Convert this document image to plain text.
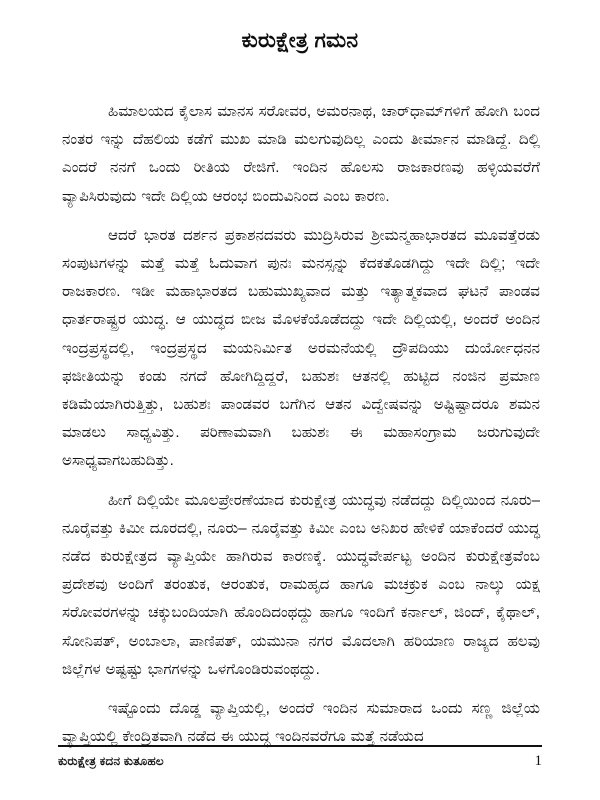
ಕುರುಕ್ಷೇತ್ರ ಗಮನ

ಹಿಮಾಲಯದ ಕೈಲಾಸ ಮಾನಸ ಸರೋವರ, ಅಮರನಾಥ, ಚಾರ್‌ಧಾಮ್‌ಗಳಿಗೆ ಹೋಗಿ ಬಂದ ನಂತರ ಇನ್ನು ದೆಹಲಿಯ ಕಡೆಗೆ ಮುಖ ಮಾಡಿ ಮಲಗುವುದಿಲ್ಲ ಎಂದು ತೀರ್ಮಾನ ಮಾಡಿದ್ದೆ. ದಿಲ್ಲಿ ಎಂದರೆ ನನಗೆ ಒಂದು ರೀತಿಯ ರೇಜಿಗೆ. ಇಂದಿನ ಹೊಲಸು ರಾಜಕಾರಣವು ಹಳ್ಳಿಯವರೆಗೆ ವ್ಯಾಪಿಸಿರುವುದು ಇದೇ ದಿಲ್ಲಿಯ ಆರಂಭ ಬಿಂದುವಿನಿಂದ ಎಂಬ ಕಾರಣ.

ಆದರೆ ಭಾರತ ದರ್ಶನ ಪ್ರಕಾಶನದವರು ಮುದ್ರಿಸಿರುವ ಶ್ರೀಮನ್ಮಹಾಭಾರತದ ಮೂವತ್ತೆರಡು ಸಂಪುಟಗಳನ್ನು ಮತ್ತೆ ಮತ್ತೆ ಓದುವಾಗ ಪುನಃ ಮನಸ್ಸನ್ನು ಕೆದಕತೊಡಗಿದ್ದು ಇದೇ ದಿಲ್ಲಿ; ಇದೇ ರಾಜಕಾರಣ. ಇಡೀ ಮಹಾಭಾರತದ ಬಹುಮುಖ್ಯವಾದ ಮತ್ತು ಇತ್ಯಾತ್ಮಕವಾದ ಘಟನೆ ಪಾಂಡವ ಧಾರ್ತರಾಷ್ಟ್ರರ ಯುದ್ಧ. ಆ ಯುದ್ಧದ ಬೀಜ ಮೊಳಕೆಯೊಡೆದದ್ದು ಇದೇ ದಿಲ್ಲಿಯಲ್ಲಿ, ಅಂದರೆ ಅಂದಿನ ಇಂದ್ರಪ್ರಸ್ಥದಲ್ಲಿ, ಇಂದ್ರಪ್ರಸ್ಥದ ಮಯನಿರ್ಮಿತ ಅರಮನೆಯಲ್ಲಿ ದ್ರೌಪದಿಯು ದುರ್ಯೋಧನನ ಫಜೀತಿಯನ್ನು ಕಂಡು ನಗದೆ ಹೋಗಿದ್ದಿದ್ದರೆ, ಬಹುಶಃ ಆತನಲ್ಲಿ ಹುಟ್ಟಿದ ನಂಜಿನ ಪ್ರಮಾಣ ಕಡಿಮೆಯಾಗಿರುತ್ತಿತ್ತು, ಬಹುಶಃ ಪಾಂಡವರ ಬಗೆಗಿನ ಆತನ ವಿದ್ವೇಷವನ್ನು ಅಷ್ಟಿಷ್ಟಾದರೂ ಶಮನ ಮಾಡಲು ಸಾಧ್ಯವಿತ್ತು. ಪರಿಣಾಮವಾಗಿ ಬಹುಶಃ ಈ ಮಹಾಸಂಗ್ರಾಮ ಜರುಗುವುದೇ ಅಸಾಧ್ಯವಾಗಬಹುದಿತ್ತು.

ಹೀಗೆ ದಿಲ್ಲಿಯೇ ಮೂಲಪ್ರೇರಣೆಯಾದ ಕುರುಕ್ಷೇತ್ರ ಯುದ್ಧವು ನಡೆದದ್ದು ದಿಲ್ಲಿಯಿಂದ ನೂರು– ನೂರೈವತ್ತು ಕಿಮೀ ದೂರದಲ್ಲಿ, ನೂರು– ನೂರೈವತ್ತು ಕಿಮೀ ಎಂಬ ಅನಿಖರ ಹೇಳಿಕೆ ಯಾಕೆಂದರೆ ಯುದ್ಧ ನಡೆದ ಕುರುಕ್ಷೇತ್ರದ ವ್ಯಾಪ್ತಿಯೇ ಹಾಗಿರುವ ಕಾರಣಕ್ಕೆ. ಯುದ್ಧವೇರ್ಪಟ್ಟ ಅಂದಿನ ಕುರುಕ್ಷೇತ್ರವೆಂಬ ಪ್ರದೇಶವು ಅಂದಿಗೆ ತರಂತುಕ, ಆರಂತುಕ, ರಾಮಹೃದ ಹಾಗೂ ಮಚಕ್ರುಕ ಎಂಬ ನಾಲ್ಕು ಯಕ್ಷ ಸರೋವರಗಳನ್ನು ಚಕ್ಕುಬಂದಿಯಾಗಿ ಹೊಂದಿದಂಥದ್ದು ಹಾಗೂ ಇಂದಿಗೆ ಕರ್ನಾಲ್, ಜಿಂದ್, ಕೈಥಾಲ್, ಸೋನಿಪತ್, ಅಂಬಾಲಾ, ಪಾಣಿಪತ್, ಯಮುನಾ ನಗರ ಮೊದಲಾಗಿ ಹರಿಯಾಣ ರಾಜ್ಯದ ಹಲವು ಜಿಲ್ಲೆಗಳ ಅಷ್ಟಷ್ಟು ಭಾಗಗಳನ್ನು ಒಳಗೊಂಡಿರುವಂಥದ್ದು.

ಇಷ್ಟೊಂದು ದೊಡ್ಡ ವ್ಯಾಪ್ತಿಯಲ್ಲಿ, ಅಂದರೆ ಇಂದಿನ ಸುಮಾರಾದ ಒಂದು ಸಣ್ಣ ಜಿಲ್ಲೆಯ ವ್ಯಾಪ್ತಿಯಲ್ಲಿ ಕೇಂದ್ರಿತವಾಗಿ ನಡೆದ ಈ ಯುದ್ಧ ಇಂದಿನವರೆಗೂ ಮತ್ತೆ ನಡೆಯದ

ಕುರುಕ್ಷೇತ್ರ ಕದನ ಕುತೂಹಲ	1
